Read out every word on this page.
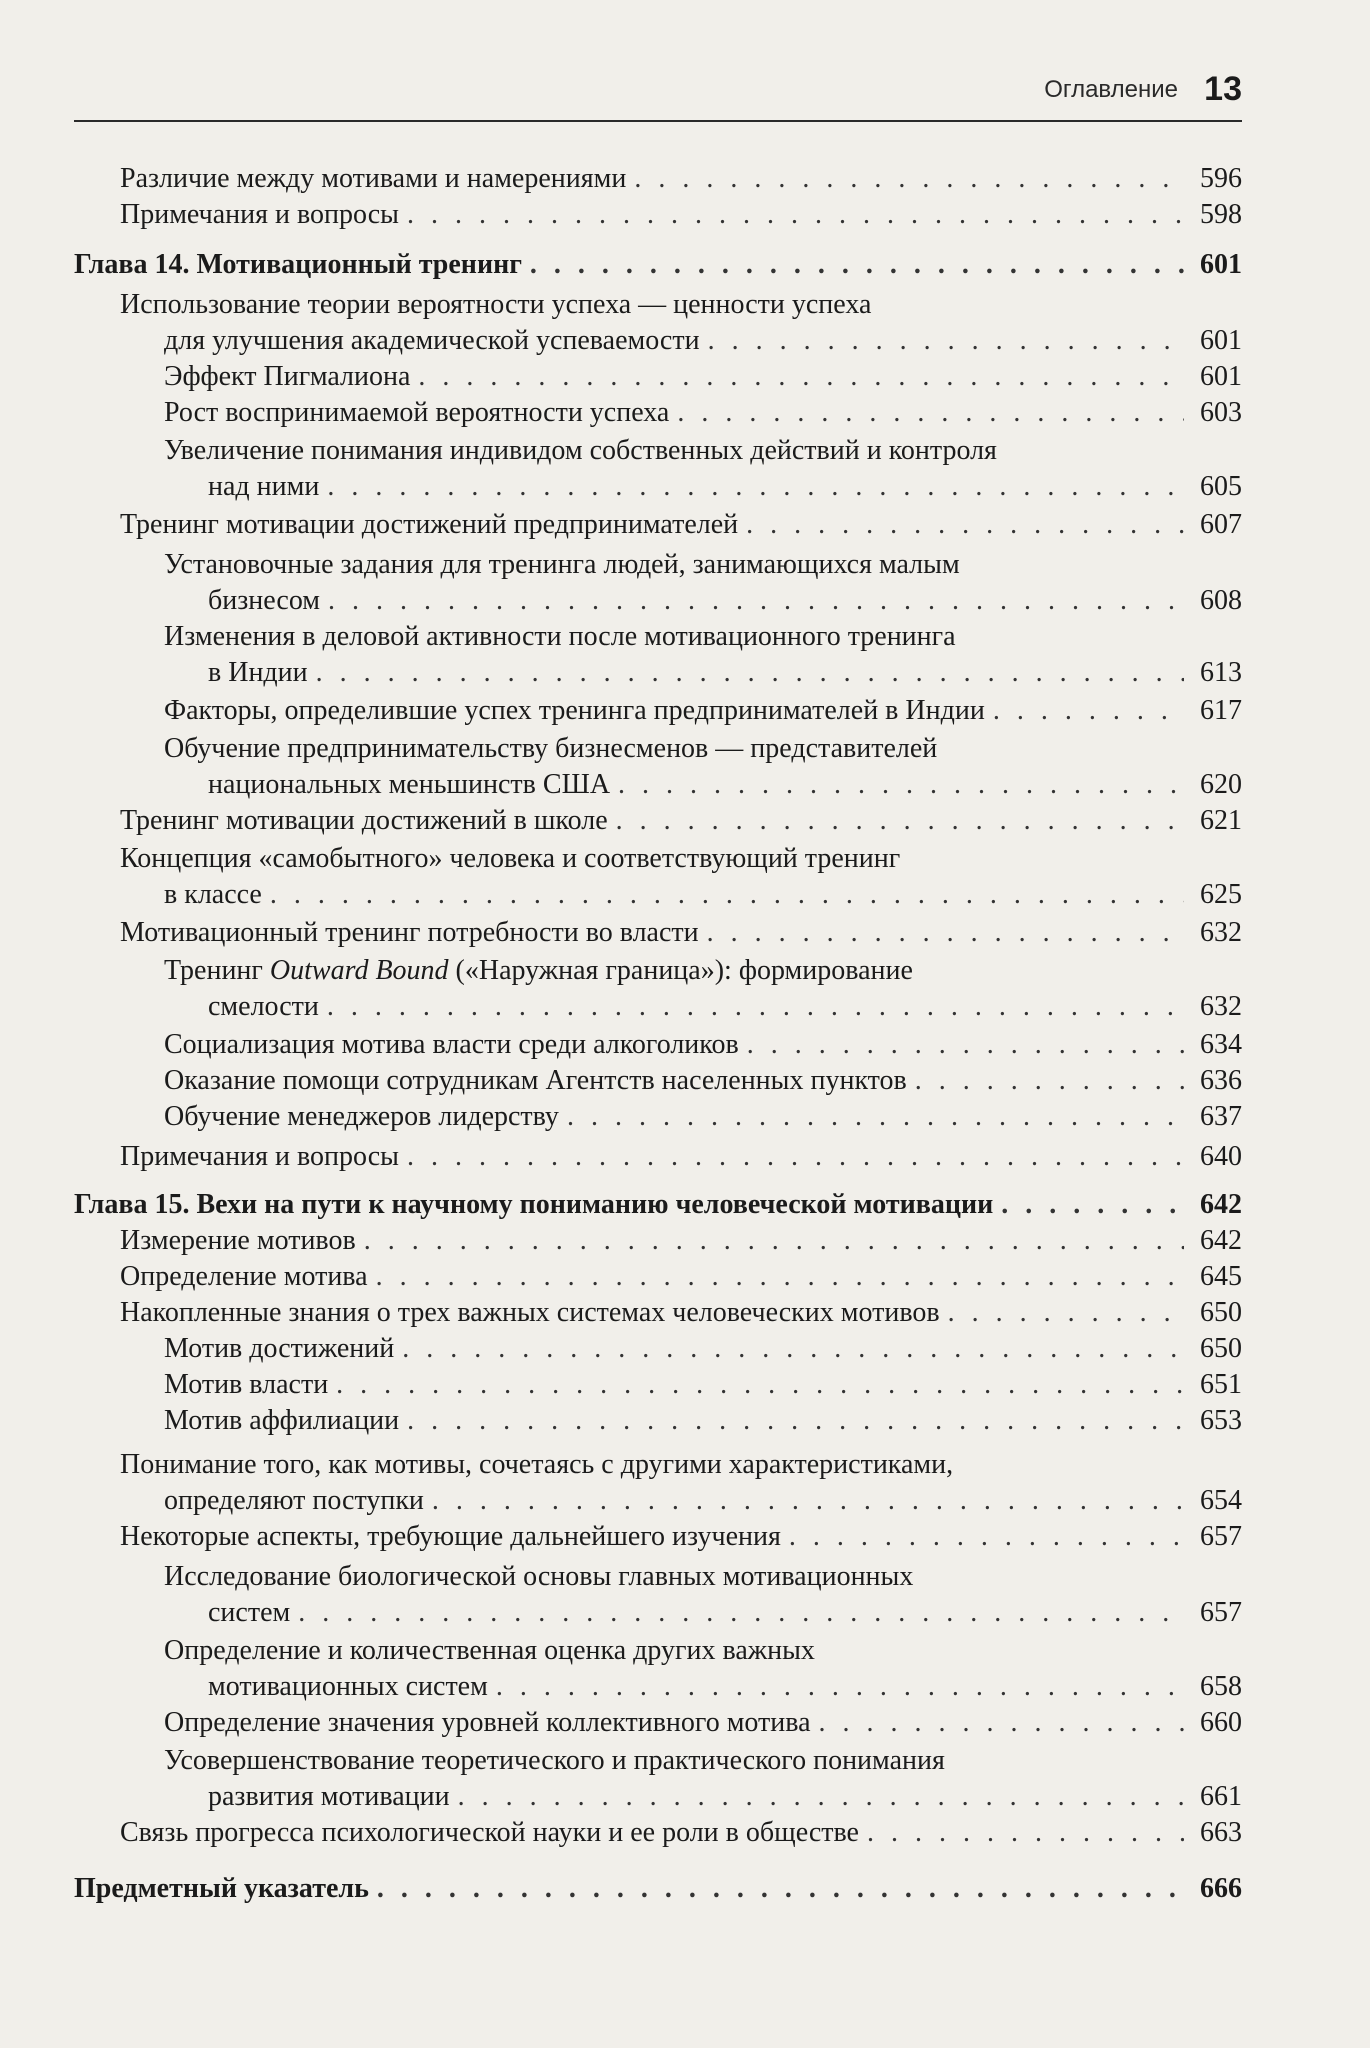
Оглавление 13
Различие между мотивами и намерениями . . .	596
Примечания и вопросы . . .	598
Глава 14. Мотивационный тренинг . . .	601
Использование теории вероятности успеха — ценности успеха
для улучшения академической успеваемости . . .	601
Эффект Пигмалиона . . .	601
Рост воспринимаемой вероятности успеха . . .	603
Увеличение понимания индивидом собственных действий и контроля
над ними . . .	605
Тренинг мотивации достижений предпринимателей . . .	607
Установочные задания для тренинга людей, занимающихся малым
бизнесом . . .	608
Изменения в деловой активности после мотивационного тренинга
в Индии . . .	613
Факторы, определившие успех тренинга предпринимателей в Индии . . .	617
Обучение предпринимательству бизнесменов — представителей
национальных меньшинств США . . .	620
Тренинг мотивации достижений в школе . . .	621
Концепция «самобытного» человека и соответствующий тренинг
в классе . . .	625
Мотивационный тренинг потребности во власти . . .	632
Тренинг Outward Bound («Наружная граница»): формирование
смелости . . .	632
Социализация мотива власти среди алкоголиков . . .	634
Оказание помощи сотрудникам Агентств населенных пунктов . . .	636
Обучение менеджеров лидерству . . .	637
Примечания и вопросы . . .	640
Глава 15. Вехи на пути к научному пониманию человеческой мотивации . . .	642
Измерение мотивов . . .	642
Определение мотива . . .	645
Накопленные знания о трех важных системах человеческих мотивов . . .	650
Мотив достижений . . .	650
Мотив власти . . .	651
Мотив аффилиации . . .	653
Понимание того, как мотивы, сочетаясь с другими характеристиками,
определяют поступки . . .	654
Некоторые аспекты, требующие дальнейшего изучения . . .	657
Исследование биологической основы главных мотивационных
систем . . .	657
Определение и количественная оценка других важных
мотивационных систем . . .	658
Определение значения уровней коллективного мотива . . .	660
Усовершенствование теоретического и практического понимания
развития мотивации . . .	661
Связь прогресса психологической науки и ее роли в обществе . . .	663
Предметный указатель . . .	666
